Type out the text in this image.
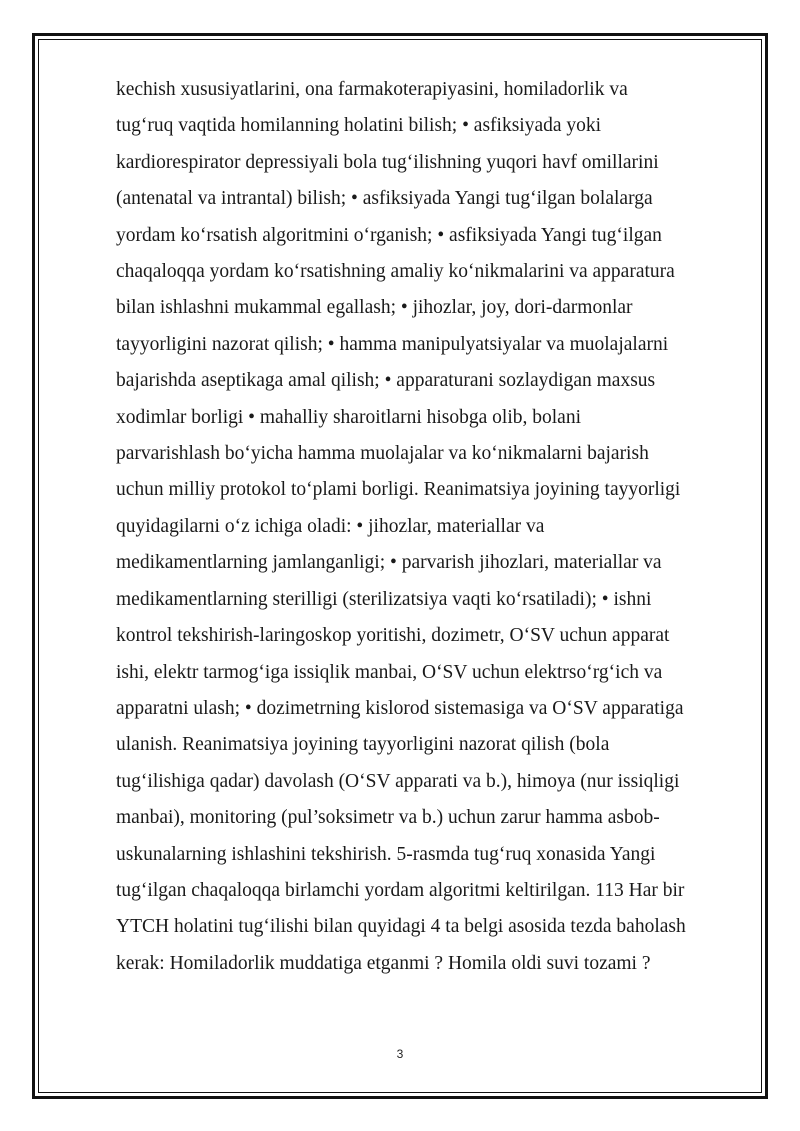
kechish xususiyatlarini, ona farmakoterapiyasini, homiladorlik va
tug‘ruq vaqtida homilanning holatini bilish; • asfiksiyada yoki
kardiorespirator depressiyali bola tug‘ilishning yuqori havf omillarini
(antenatal va intrantal) bilish; • asfiksiyada Yangi tug‘ilgan bolalarga
yordam ko‘rsatish algoritmini o‘rganish; • asfiksiyada Yangi tug‘ilgan
chaqaloqqa yordam ko‘rsatishning amaliy ko‘nikmalarini va apparatura
bilan ishlashni mukammal egallash; • jihozlar, joy, dori-darmonlar
tayyorligini nazorat qilish; • hamma manipulyatsiyalar va muolajalarni
bajarishda aseptikaga amal qilish; • apparaturani sozlaydigan maxsus
xodimlar borligi • mahalliy sharoitlarni hisobga olib, bolani
parvarishlash bo‘yicha hamma muolajalar va ko‘nikmalarni bajarish
uchun milliy protokol to‘plami borligi. Reanimatsiya joyining tayyorligi
quyidagilarni o‘z ichiga oladi: • jihozlar, materiallar va
medikamentlarning jamlanganligi; • parvarish jihozlari, materiallar va
medikamentlarning sterilligi (sterilizatsiya vaqti ko‘rsatiladi); • ishni
kontrol tekshirish-laringoskop yoritishi, dozimetr, O‘SV uchun apparat
ishi, elektr tarmog‘iga issiqlik manbai, O‘SV uchun elektrso‘rg‘ich va
apparatni ulash; • dozimetrning kislorod sistemasiga va O‘SV apparatiga
ulanish. Reanimatsiya joyining tayyorligini nazorat qilish (bola
tug‘ilishiga qadar) davolash (O‘SV apparati va b.), himoya (nur issiqligi
manbai), monitoring (pul’soksimetr va b.) uchun zarur hamma asbob-
uskunalarning ishlashini tekshirish. 5-rasmda tug‘ruq xonasida Yangi
tug‘ilgan chaqaloqqa birlamchi yordam algoritmi keltirilgan. 113 Har bir
YTCH holatini tug‘ilishi bilan quyidagi 4 ta belgi asosida tezda baholash
kerak: Homiladorlik muddatiga etganmi ? Homila oldi suvi tozami ?
3
